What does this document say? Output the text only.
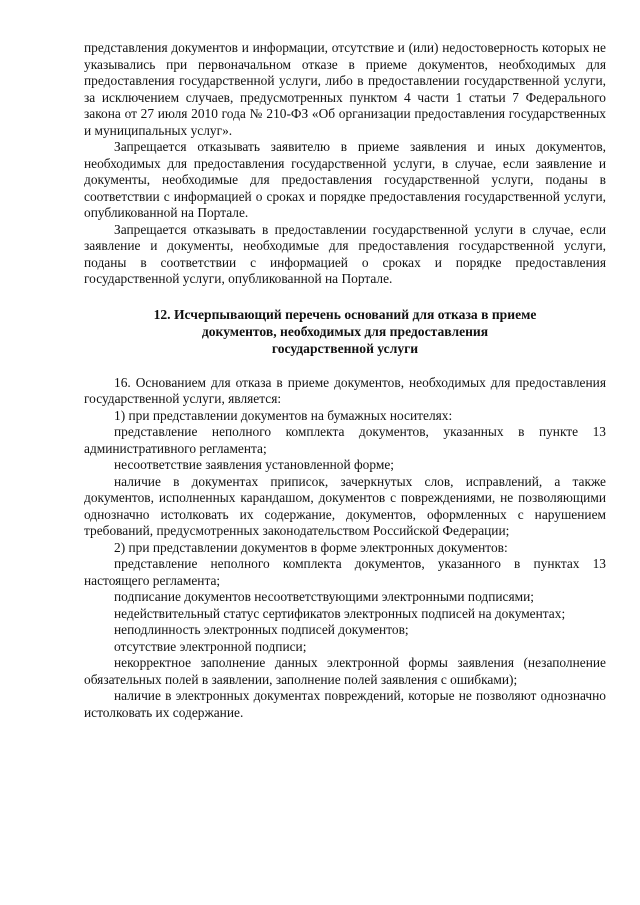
представления документов и информации, отсутствие и (или) недостоверность которых не указывались при первоначальном отказе в приеме документов, необходимых для предоставления государственной услуги, либо в предоставлении государственной услуги, за исключением случаев, предусмотренных пунктом 4 части 1 статьи 7 Федерального закона от 27 июля 2010 года № 210-ФЗ «Об организации предоставления государственных и муниципальных услуг».

Запрещается отказывать заявителю в приеме заявления и иных документов, необходимых для предоставления государственной услуги, в случае, если заявление и документы, необходимые для предоставления государственной услуги, поданы в соответствии с информацией о сроках и порядке предоставления государственной услуги, опубликованной на Портале.

Запрещается отказывать в предоставлении государственной услуги в случае, если заявление и документы, необходимые для предоставления государственной услуги, поданы в соответствии с информацией о сроках и порядке предоставления государственной услуги, опубликованной на Портале.

12. Исчерпывающий перечень оснований для отказа в приеме
документов, необходимых для предоставления
государственной услуги

16. Основанием для отказа в приеме документов, необходимых для предоставления государственной услуги, является:

1) при представлении документов на бумажных носителях:

представление неполного комплекта документов, указанных в пункте 13 административного регламента;

несоответствие заявления установленной форме;

наличие в документах приписок, зачеркнутых слов, исправлений, а также документов, исполненных карандашом, документов с повреждениями, не позволяющими однозначно истолковать их содержание, документов, оформленных с нарушением требований, предусмотренных законодательством Российской Федерации;

2) при представлении документов в форме электронных документов:

представление неполного комплекта документов, указанного в пунктах 13 настоящего регламента;

подписание документов несоответствующими электронными подписями;

недействительный статус сертификатов электронных подписей на документах;

неподлинность электронных подписей документов;

отсутствие электронной подписи;

некорректное заполнение данных электронной формы заявления (незаполнение обязательных полей в заявлении, заполнение полей заявления с ошибками);

наличие в электронных документах повреждений, которые не позволяют однозначно истолковать их содержание.
